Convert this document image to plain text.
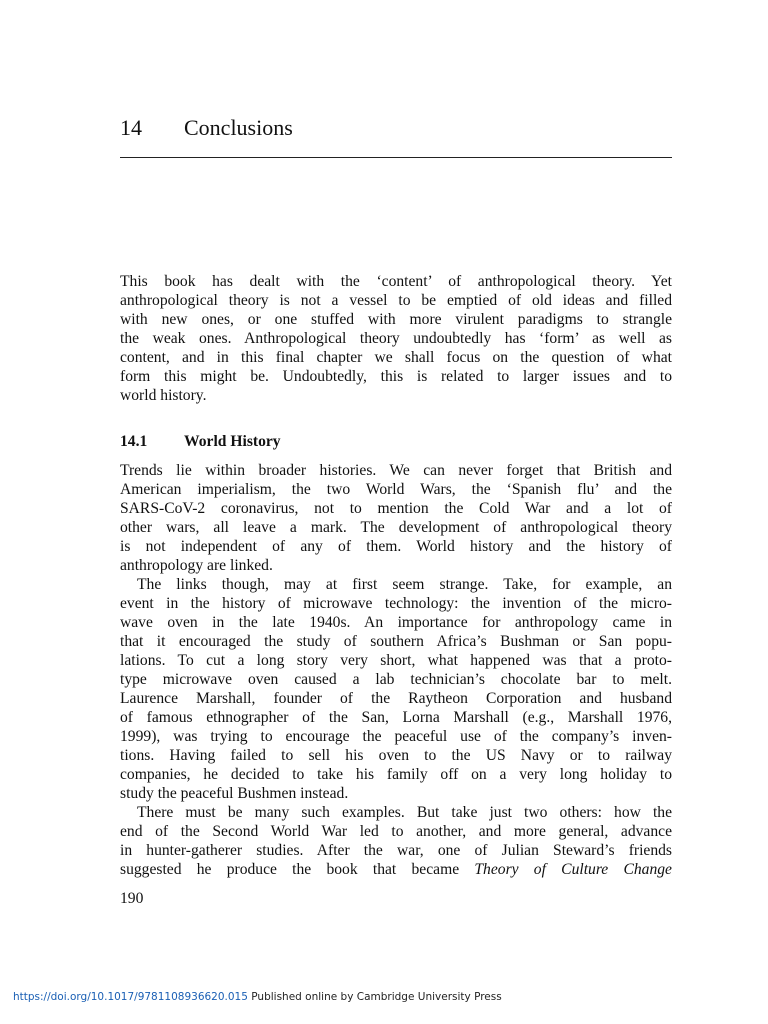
14 Conclusions
This book has dealt with the ‘content’ of anthropological theory. Yet
anthropological theory is not a vessel to be emptied of old ideas and filled
with new ones, or one stuffed with more virulent paradigms to strangle
the weak ones. Anthropological theory undoubtedly has ‘form’ as well as
content, and in this final chapter we shall focus on the question of what
form this might be. Undoubtedly, this is related to larger issues and to
world history.
14.1 World History
Trends lie within broader histories. We can never forget that British and
American imperialism, the two World Wars, the ‘Spanish flu’ and the
SARS-CoV-2 coronavirus, not to mention the Cold War and a lot of
other wars, all leave a mark. The development of anthropological theory
is not independent of any of them. World history and the history of
anthropology are linked.
The links though, may at first seem strange. Take, for example, an
event in the history of microwave technology: the invention of the micro-
wave oven in the late 1940s. An importance for anthropology came in
that it encouraged the study of southern Africa’s Bushman or San popu-
lations. To cut a long story very short, what happened was that a proto-
type microwave oven caused a lab technician’s chocolate bar to melt.
Laurence Marshall, founder of the Raytheon Corporation and husband
of famous ethnographer of the San, Lorna Marshall (e.g., Marshall 1976,
1999), was trying to encourage the peaceful use of the company’s inven-
tions. Having failed to sell his oven to the US Navy or to railway
companies, he decided to take his family off on a very long holiday to
study the peaceful Bushmen instead.
There must be many such examples. But take just two others: how the
end of the Second World War led to another, and more general, advance
in hunter-gatherer studies. After the war, one of Julian Steward’s friends
suggested he produce the book that became Theory of Culture Change
190
https://doi.org/10.1017/9781108936620.015 Published online by Cambridge University Press
